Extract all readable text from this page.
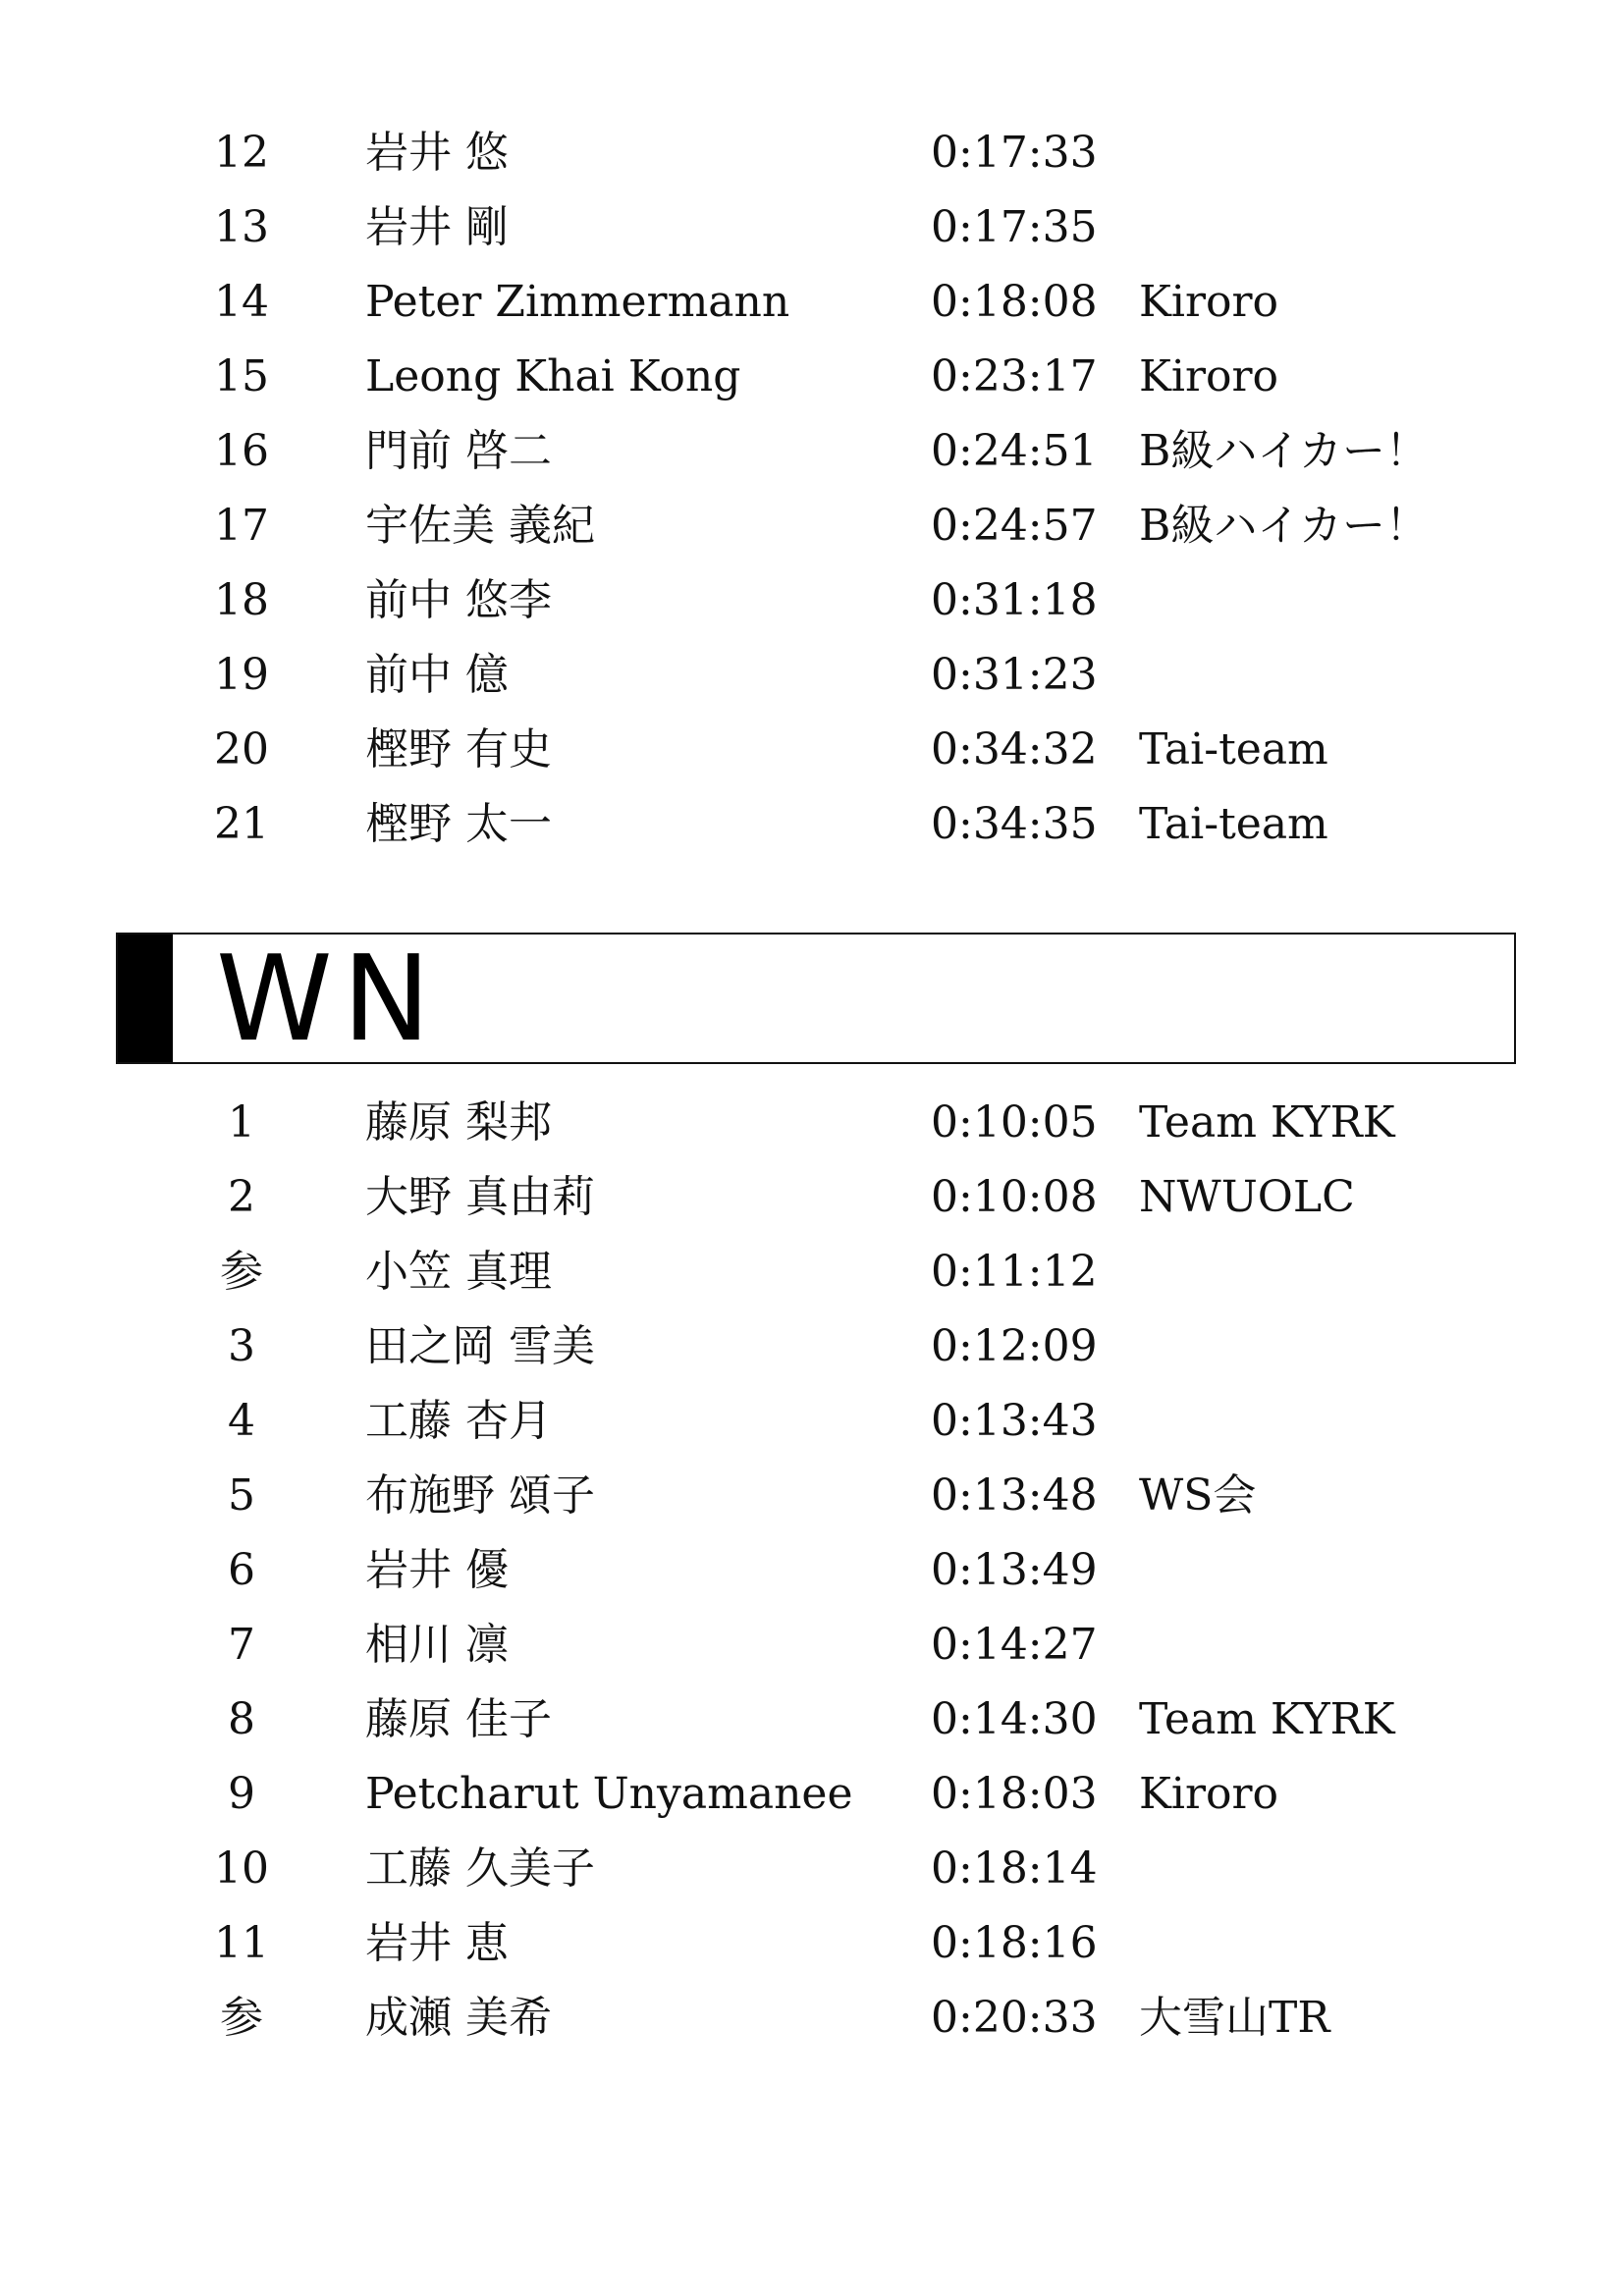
12	岩井 悠	0:17:33
13	岩井 剛	0:17:35
14	Peter Zimmermann	0:18:08 Kiroro
15	Leong Khai Kong	0:23:17 Kiroro
16	門前 啓二	0:24:51 B級ハイカー！
17	宇佐美 義紀	0:24:57 B級ハイカー！
18	前中 悠李	0:31:18
19	前中 億	0:31:23
20	樫野 有史	0:34:32 Tai-team
21	樫野 太一	0:34:35 Tai-team
WN
1	藤原 梨邦	0:10:05 Team KYRK
2	大野 真由莉	0:10:08 NWUOLC
参	小笠 真理	0:11:12
3	田之岡 雪美	0:12:09
4	工藤 杏月	0:13:43
5	布施野 頌子	0:13:48 WS会
6	岩井 優	0:13:49
7	相川 凛	0:14:27
8	藤原 佳子	0:14:30 Team KYRK
9	Petcharut Unyamanee 0:18:03 Kiroro
10	工藤 久美子	0:18:14
11	岩井 恵	0:18:16
参	成瀬 美希	0:20:33 大雪山TR
